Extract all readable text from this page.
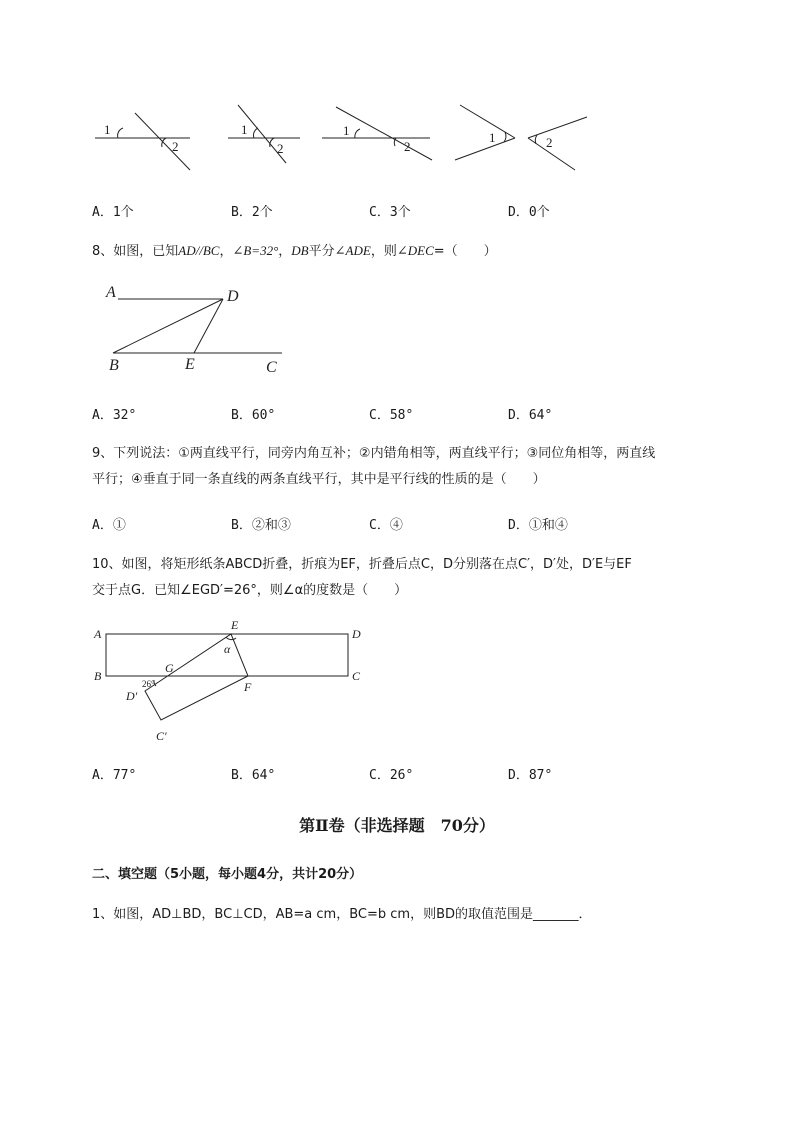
1
2
1
2
1
2
1	2
A．1个	B．2个	C．3个	D．0个
8、如图，已知AD//BC，∠B=32°，DB平分∠ADE，则∠DEC=（　　）
A	D
B	E	C
A．32°	B．60°	C．58°	D．64°
9、下列说法：①两直线平行，同旁内角互补；②内错角相等，两直线平行；③同位角相等，两直线
平行；④垂直于同一条直线的两条直线平行，其中是平行线的性质的是（　　）
A．①	B．②和③	C．④	D．①和④
10、如图，将矩形纸条ABCD折叠，折痕为EF，折叠后点C，D分别落在点C′，D′处，D′E与EF
交于点G．已知∠EGD′=26°，则∠α的度数是（　　）
A
E
D
α
B
G
F
C
D′
C′
26°
A．77°	B．64°	C．26°	D．87°
第Ⅱ卷（非选择题　70分）
二、填空题（5小题，每小题4分，共计20分）
1、如图，AD⊥BD，BC⊥CD，AB=a cm，BC=b cm，则BD的取值范围是_______．
